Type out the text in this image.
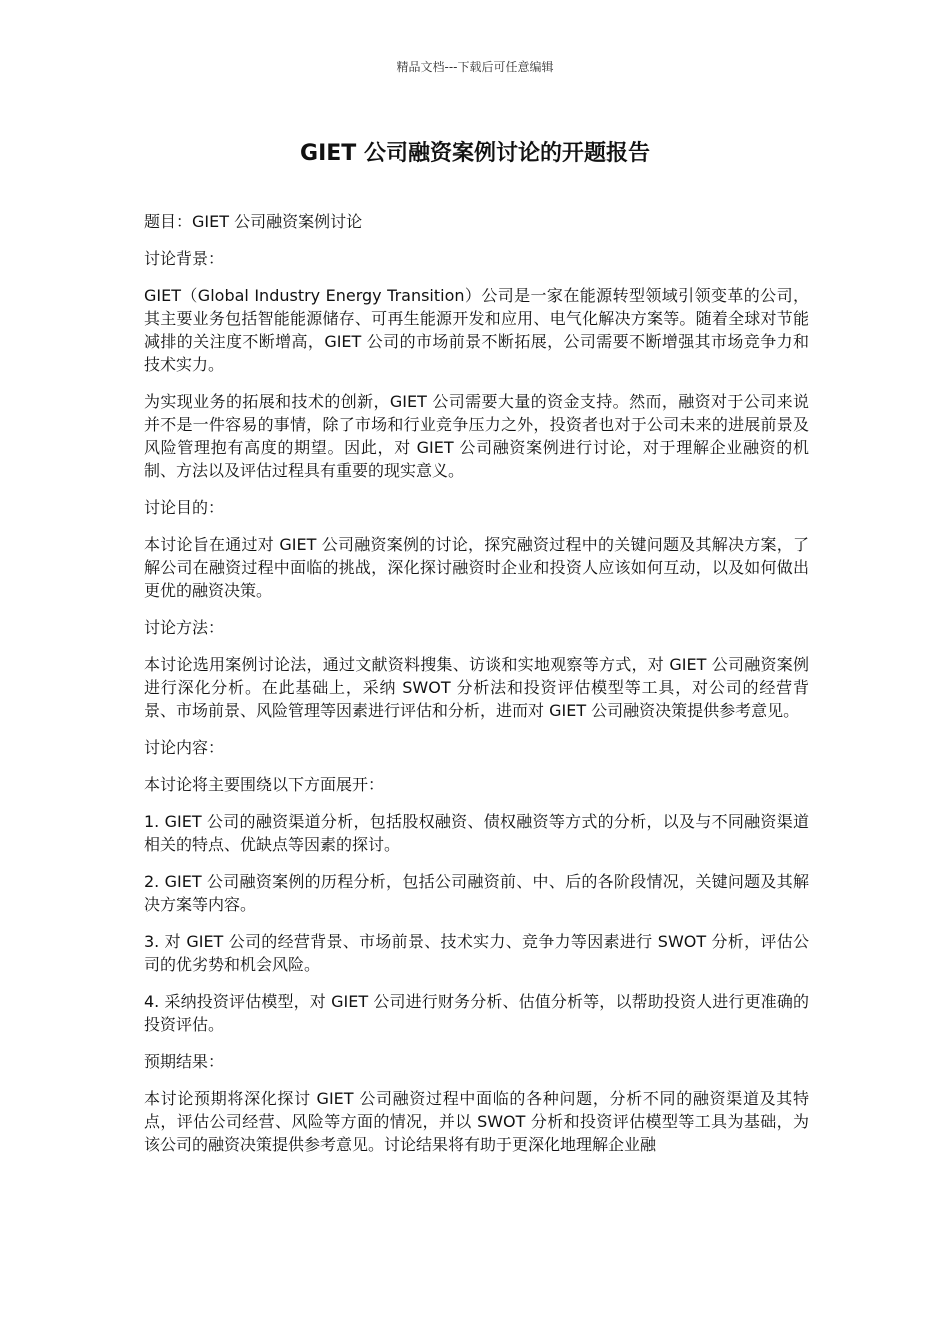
精品文档---下载后可任意编辑
GIET 公司融资案例讨论的开题报告

题目：GIET 公司融资案例讨论

讨论背景：

GIET（Global Industry Energy Transition）公司是一家在能源转型领域引领变革的公司，其主要业务包括智能能源储存、可再生能源开发和应用、电气化解决方案等。随着全球对节能减排的关注度不断增高，GIET 公司的市场前景不断拓展，公司需要不断增强其市场竞争力和技术实力。

为实现业务的拓展和技术的创新，GIET 公司需要大量的资金支持。然而，融资对于公司来说并不是一件容易的事情，除了市场和行业竞争压力之外，投资者也对于公司未来的进展前景及风险管理抱有高度的期望。因此，对 GIET 公司融资案例进行讨论，对于理解企业融资的机制、方法以及评估过程具有重要的现实意义。

讨论目的：

本讨论旨在通过对 GIET 公司融资案例的讨论，探究融资过程中的关键问题及其解决方案，了解公司在融资过程中面临的挑战，深化探讨融资时企业和投资人应该如何互动，以及如何做出更优的融资决策。

讨论方法：

本讨论选用案例讨论法，通过文献资料搜集、访谈和实地观察等方式，对 GIET 公司融资案例进行深化分析。在此基础上，采纳 SWOT 分析法和投资评估模型等工具，对公司的经营背景、市场前景、风险管理等因素进行评估和分析，进而对 GIET 公司融资决策提供参考意见。

讨论内容：

本讨论将主要围绕以下方面展开：

1. GIET 公司的融资渠道分析，包括股权融资、债权融资等方式的分析，以及与不同融资渠道相关的特点、优缺点等因素的探讨。

2. GIET 公司融资案例的历程分析，包括公司融资前、中、后的各阶段情况，关键问题及其解决方案等内容。

3. 对 GIET 公司的经营背景、市场前景、技术实力、竞争力等因素进行 SWOT 分析，评估公司的优劣势和机会风险。

4. 采纳投资评估模型，对 GIET 公司进行财务分析、估值分析等，以帮助投资人进行更准确的投资评估。

预期结果：

本讨论预期将深化探讨 GIET 公司融资过程中面临的各种问题，分析不同的融资渠道及其特点，评估公司经营、风险等方面的情况，并以 SWOT 分析和投资评估模型等工具为基础，为该公司的融资决策提供参考意见。讨论结果将有助于更深化地理解企业融
